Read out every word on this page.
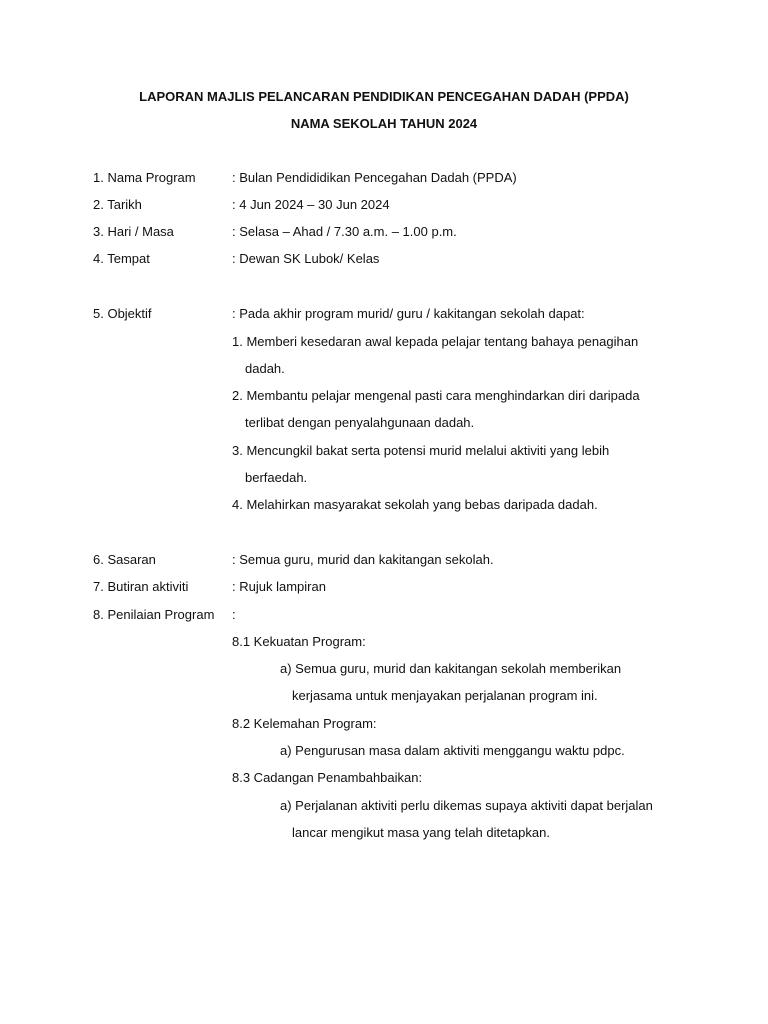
LAPORAN MAJLIS PELANCARAN PENDIDIKAN PENCEGAHAN DADAH (PPDA)
NAMA SEKOLAH TAHUN 2024
1. Nama Program	: Bulan Pendididikan Pencegahan Dadah (PPDA)
2. Tarikh	: 4 Jun 2024 – 30 Jun 2024
3. Hari / Masa	: Selasa – Ahad / 7.30 a.m. – 1.00 p.m.
4. Tempat	: Dewan SK Lubok/ Kelas
5. Objektif	: Pada akhir program murid/ guru / kakitangan sekolah dapat:
1. Memberi kesedaran awal kepada pelajar tentang bahaya penagihan
dadah.
2. Membantu pelajar mengenal pasti cara menghindarkan diri daripada
terlibat dengan penyalahgunaan dadah.
3. Mencungkil bakat serta potensi murid melalui aktiviti yang lebih
berfaedah.
4. Melahirkan masyarakat sekolah yang bebas daripada dadah.
6. Sasaran	: Semua guru, murid dan kakitangan sekolah.
7. Butiran aktiviti	: Rujuk lampiran
8. Penilaian Program :
8.1 Kekuatan Program:
a) Semua guru, murid dan kakitangan sekolah memberikan
kerjasama untuk menjayakan perjalanan program ini.
8.2 Kelemahan Program:
a) Pengurusan masa dalam aktiviti menggangu waktu pdpc.
8.3 Cadangan Penambahbaikan:
a) Perjalanan aktiviti perlu dikemas supaya aktiviti dapat berjalan
lancar mengikut masa yang telah ditetapkan.
